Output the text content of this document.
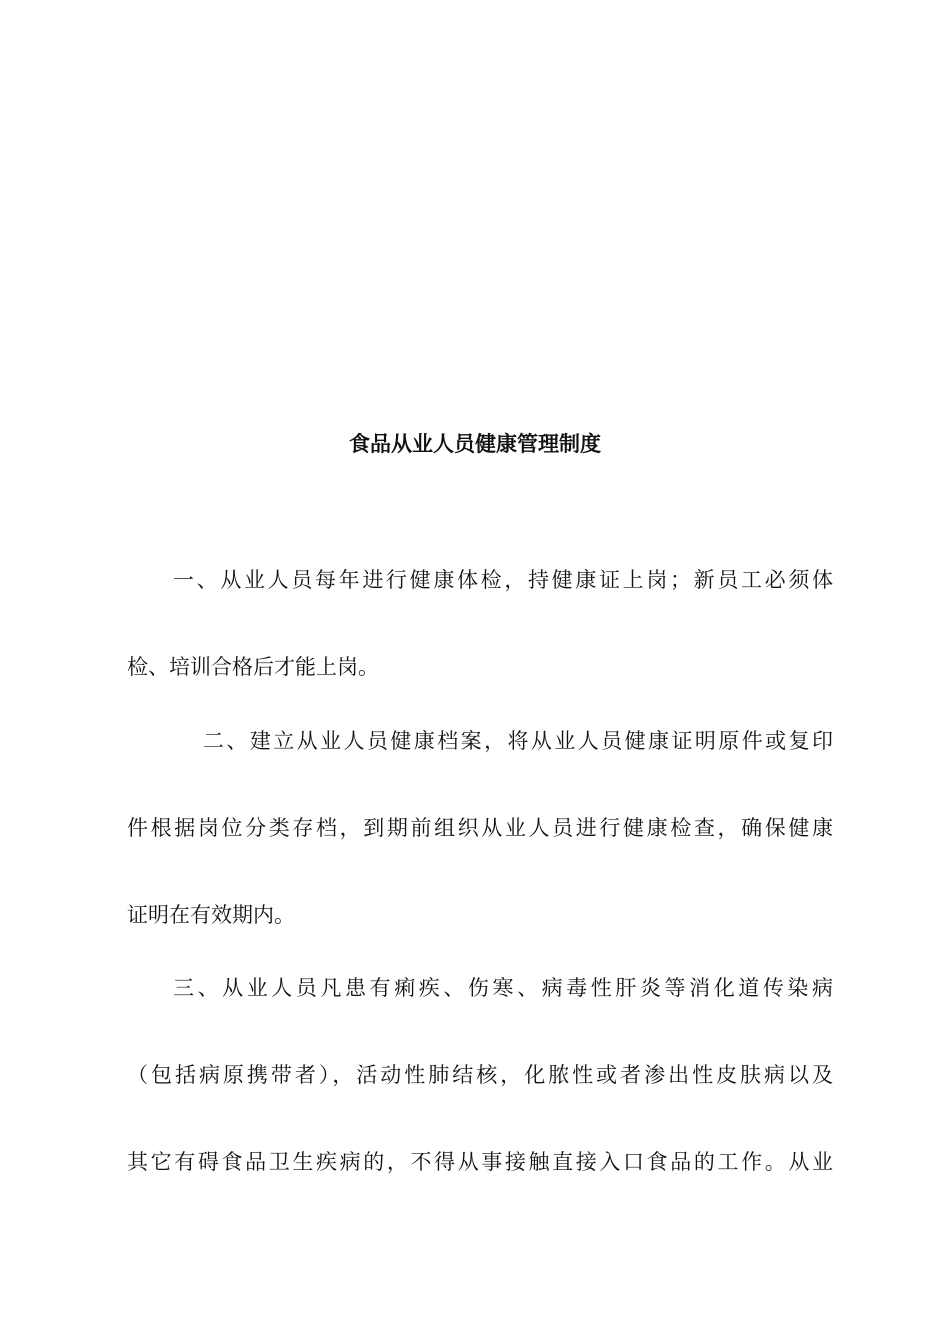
食品从业人员健康管理制度
一、从业人员每年进行健康体检，持健康证上岗；新员工必须体
检、培训合格后才能上岗。
二、建立从业人员健康档案，将从业人员健康证明原件或复印
件根据岗位分类存档，到期前组织从业人员进行健康检查，确保健康
证明在有效期内。
三、从业人员凡患有痢疾、伤寒、病毒性肝炎等消化道传染病
（包括病原携带者），活动性肺结核，化脓性或者渗出性皮肤病以及
其它有碍食品卫生疾病的，不得从事接触直接入口食品的工作。从业
